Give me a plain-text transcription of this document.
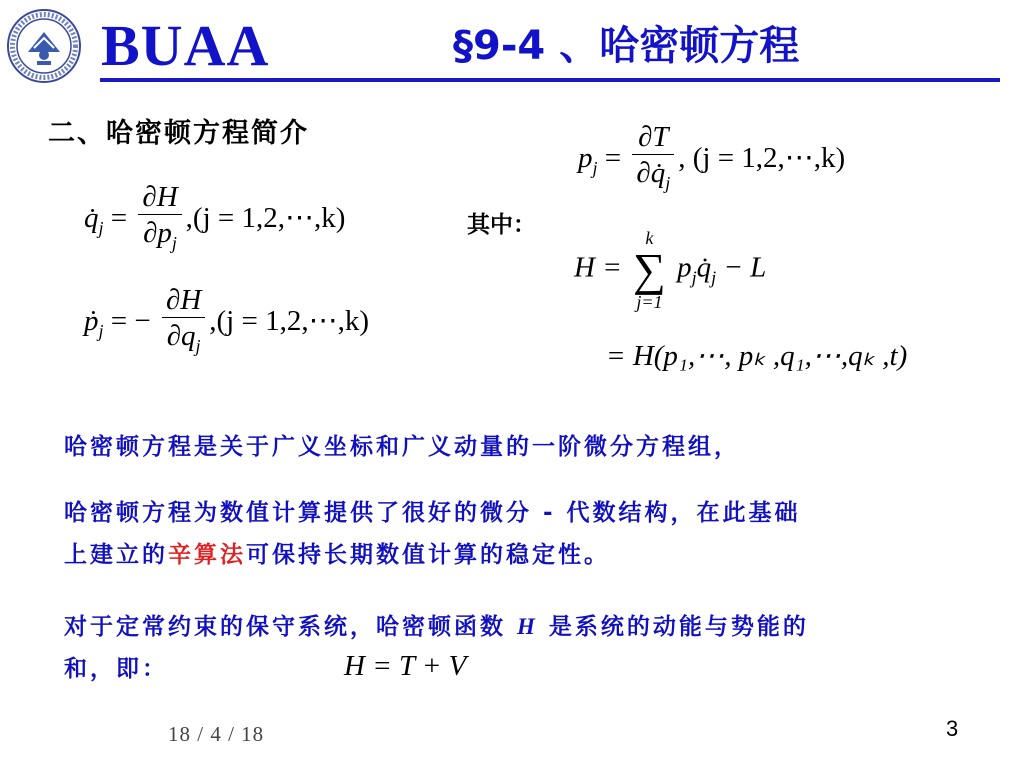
BUAA	§9-4 、哈密顿方程
二、哈密顿方程简介
$q̇_j = \frac{\partial H}{\partial p_j} ,(j$ = 1,2,⋯,k)
ṗ$_j$ = − $\frac{\partial H}{\partial q_j} ,(j$ = 1,2,⋯,k)
其中：
$p_j = \frac{\partial T}{\partial q̇_j}$ , (j = 1,2,⋯,k)
H =
k
∑
j=1
$p_jq̇_j - L$
= H(p₁,⋯, pₖ ,q₁,⋯,qₖ ,t)
哈密顿方程是关于广义坐标和广义动量的一阶微分方程组，
哈密顿方程为数值计算提供了很好的微分 - 代数结构，在此基础
上建立的辛算法可保持长期数值计算的稳定性。
对于定常约束的保守系统，哈密顿函数 H 是系统的动能与势能的
和，即：	H = T + V
18 / 4 / 18	3
